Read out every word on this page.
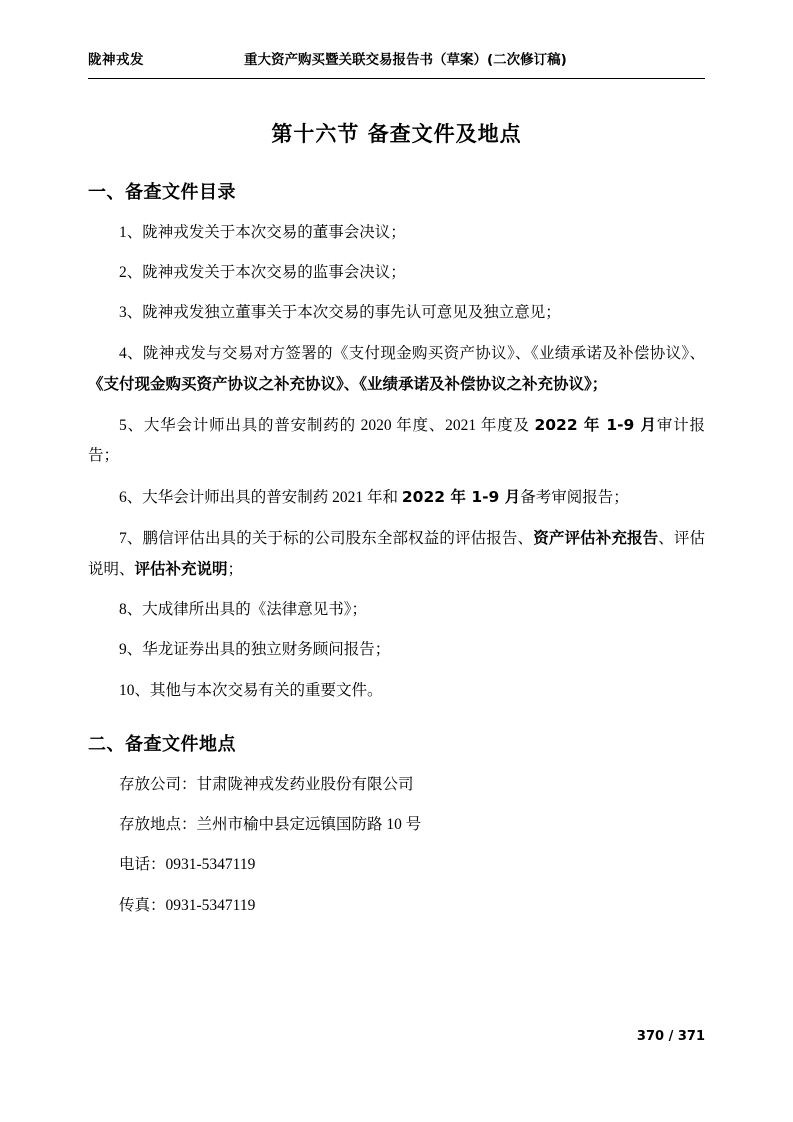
陇神戎发	重大资产购买暨关联交易报告书（草案）(二次修订稿)
第十六节 备查文件及地点
一、备查文件目录

1、陇神戎发关于本次交易的董事会决议；

2、陇神戎发关于本次交易的监事会决议；

3、陇神戎发独立董事关于本次交易的事先认可意见及独立意见；

4、陇神戎发与交易对方签署的《支付现金购买资产协议》、《业绩承诺及补偿协议》、《支付现金购买资产协议之补充协议》、《业绩承诺及补偿协议之补充协议》；

5、大华会计师出具的普安制药的 2020 年度、2021 年度及 2022 年 1-9 月审计报告；

6、大华会计师出具的普安制药 2021 年和 2022 年 1-9 月备考审阅报告；

7、鹏信评估出具的关于标的公司股东全部权益的评估报告、资产评估补充报告、评估说明、评估补充说明；

8、大成律所出具的《法律意见书》；

9、华龙证券出具的独立财务顾问报告；

10、其他与本次交易有关的重要文件。

二、备查文件地点

存放公司：甘肃陇神戎发药业股份有限公司

存放地点：兰州市榆中县定远镇国防路 10 号

电话：0931-5347119

传真：0931-5347119

370 / 371
